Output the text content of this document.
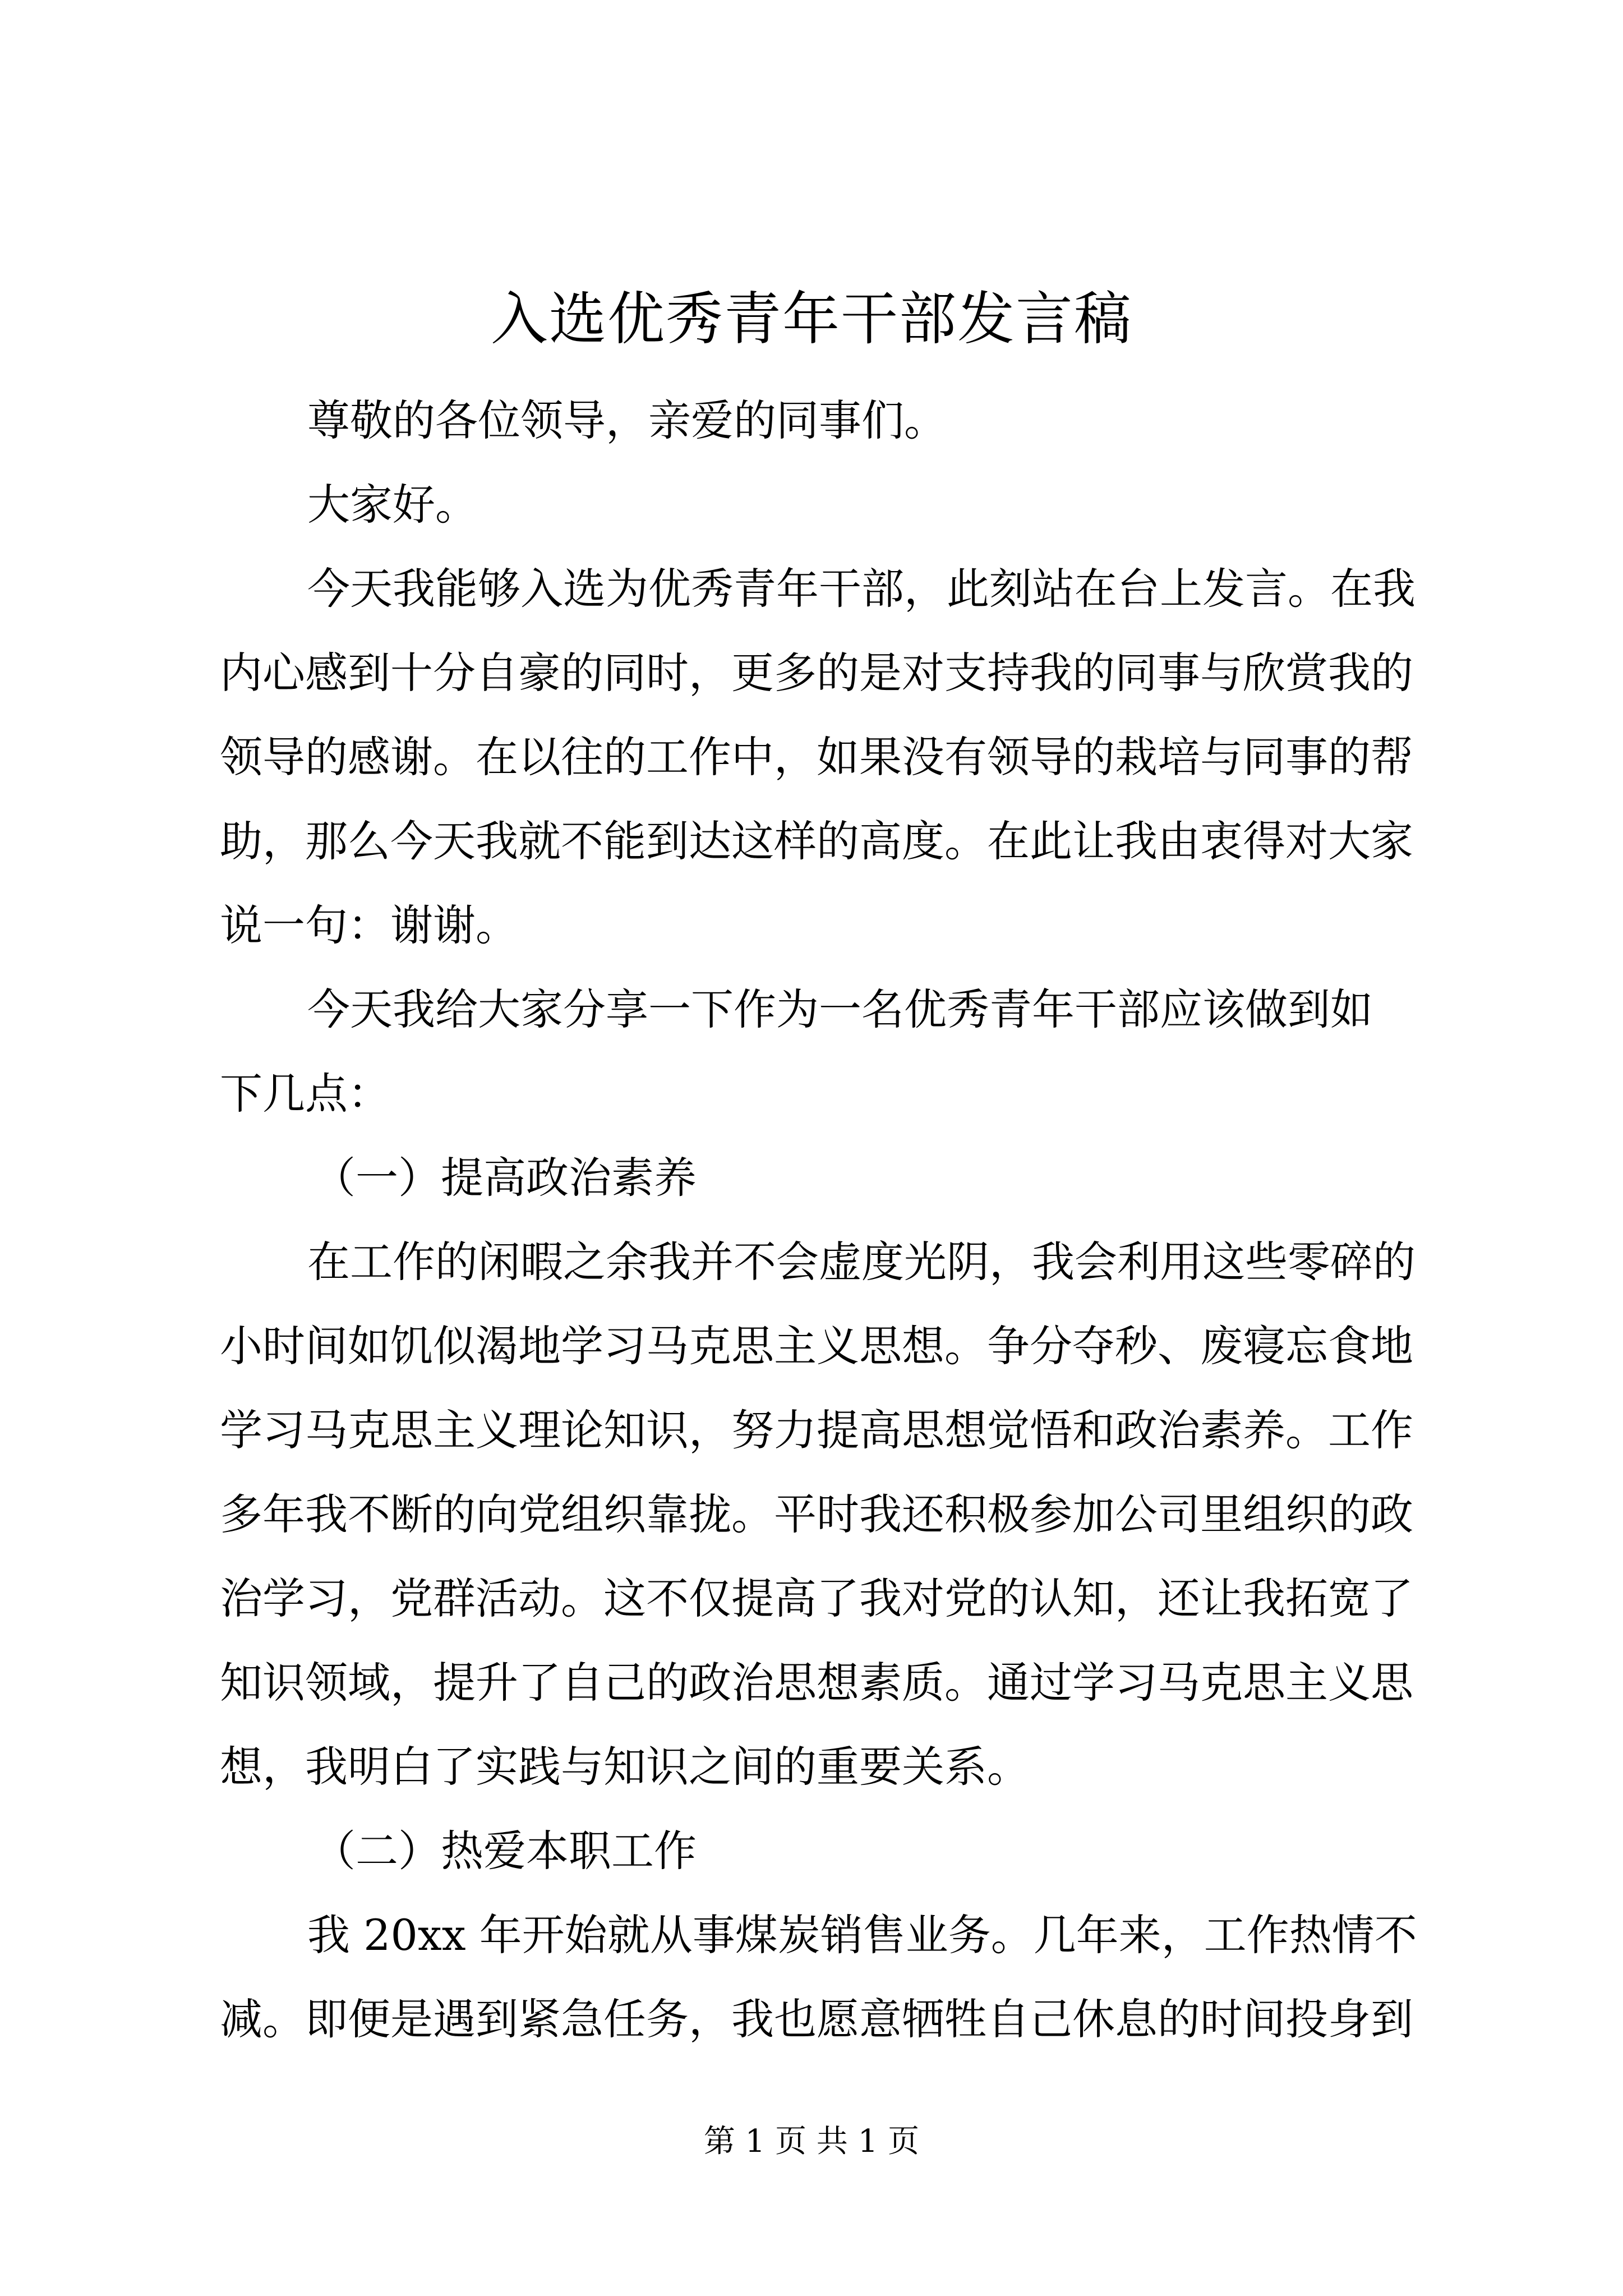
入选优秀青年干部发言稿

尊敬的各位领导，亲爱的同事们。

大家好。

今天我能够入选为优秀青年干部，此刻站在台上发言。在我

内心感到十分自豪的同时，更多的是对支持我的同事与欣赏我的

领导的感谢。在以往的工作中，如果没有领导的栽培与同事的帮

助，那么今天我就不能到达这样的高度。在此让我由衷得对大家

说一句：谢谢。

今天我给大家分享一下作为一名优秀青年干部应该做到如

下几点：

（一）提高政治素养

在工作的闲暇之余我并不会虚度光阴，我会利用这些零碎的

小时间如饥似渴地学习马克思主义思想。争分夺秒、废寝忘食地

学习马克思主义理论知识，努力提高思想觉悟和政治素养。工作

多年我不断的向党组织靠拢。平时我还积极参加公司里组织的政

治学习，党群活动。这不仅提高了我对党的认知，还让我拓宽了

知识领域，提升了自己的政治思想素质。通过学习马克思主义思

想，我明白了实践与知识之间的重要关系。

（二）热爱本职工作

我 20xx 年开始就从事煤炭销售业务。几年来，工作热情不

减。即便是遇到紧急任务，我也愿意牺牲自己休息的时间投身到

第 1 页 共 1 页
